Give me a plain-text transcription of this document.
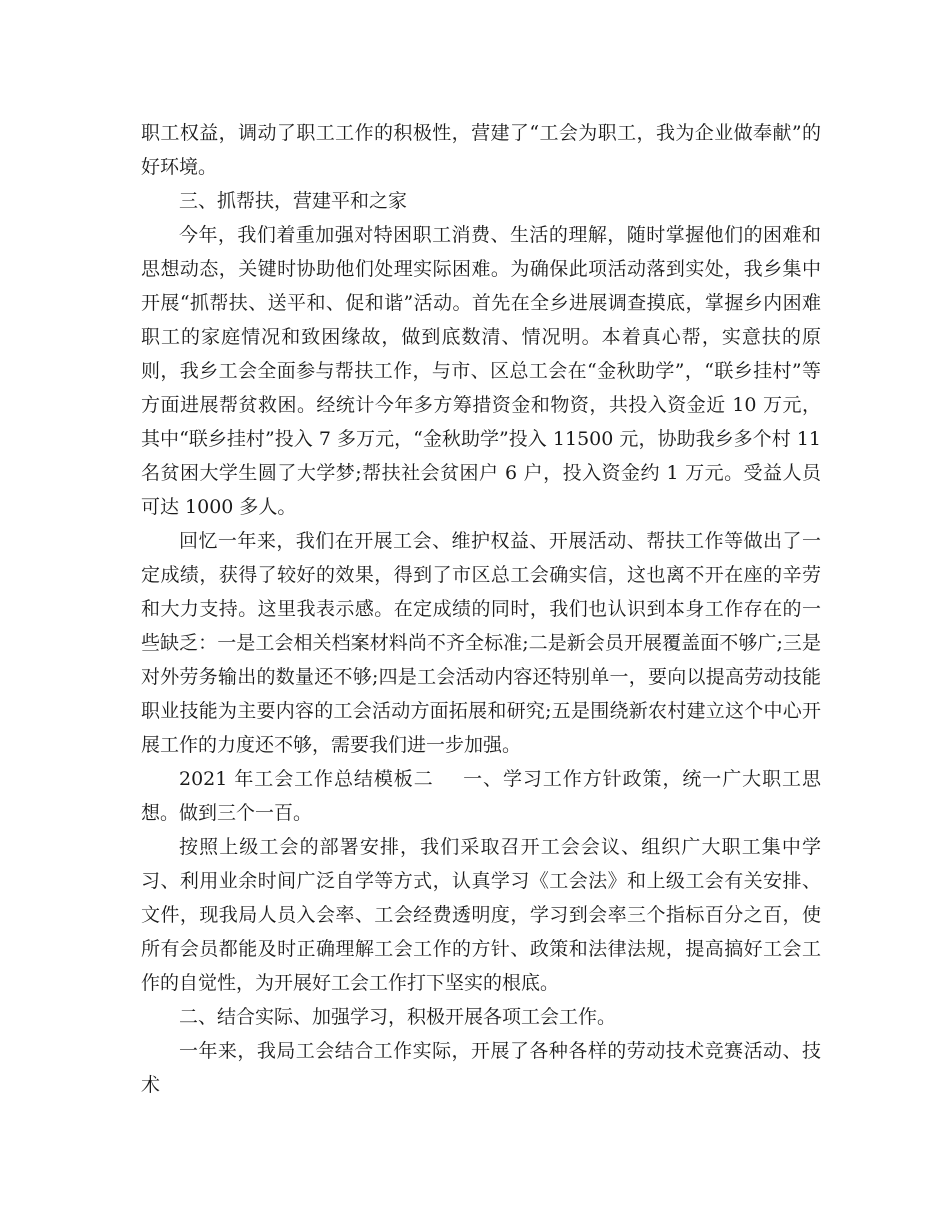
职工权益，调动了职工工作的积极性，营建了“工会为职工，我为企业做奉献”的好环境。

三、抓帮扶，营建平和之家

今年，我们着重加强对特困职工消费、生活的理解，随时掌握他们的困难和思想动态，关键时协助他们处理实际困难。为确保此项活动落到实处，我乡集中开展“抓帮扶、送平和、促和谐”活动。首先在全乡进展调查摸底，掌握乡内困难职工的家庭情况和致困缘故，做到底数清、情况明。本着真心帮，实意扶的原则，我乡工会全面参与帮扶工作，与市、区总工会在“金秋助学”，“联乡挂村”等方面进展帮贫救困。经统计今年多方筹措资金和物资，共投入资金近 10 万元，其中“联乡挂村”投入 7 多万元，“金秋助学”投入 11500 元，协助我乡多个村 11 名贫困大学生圆了大学梦;帮扶社会贫困户 6 户，投入资金约 1 万元。受益人员可达 1000 多人。

回忆一年来，我们在开展工会、维护权益、开展活动、帮扶工作等做出了一定成绩，获得了较好的效果，得到了市区总工会确实信，这也离不开在座的辛劳和大力支持。这里我表示感。在定成绩的同时，我们也认识到本身工作存在的一些缺乏：一是工会相关档案材料尚不齐全标准;二是新会员开展覆盖面不够广;三是对外劳务输出的数量还不够;四是工会活动内容还特别单一，要向以提高劳动技能职业技能为主要内容的工会活动方面拓展和研究;五是围绕新农村建立这个中心开展工作的力度还不够，需要我们进一步加强。

2021 年工会工作总结模板二 一、学习工作方针政策，统一广大职工思想。做到三个一百。

按照上级工会的部署安排，我们采取召开工会会议、组织广大职工集中学习、利用业余时间广泛自学等方式，认真学习《工会法》和上级工会有关安排、文件，现我局人员入会率、工会经费透明度，学习到会率三个指标百分之百，使所有会员都能及时正确理解工会工作的方针、政策和法律法规，提高搞好工会工作的自觉性，为开展好工会工作打下坚实的根底。

二、结合实际、加强学习，积极开展各项工会工作。

一年来，我局工会结合工作实际，开展了各种各样的劳动技术竞赛活动、技术
